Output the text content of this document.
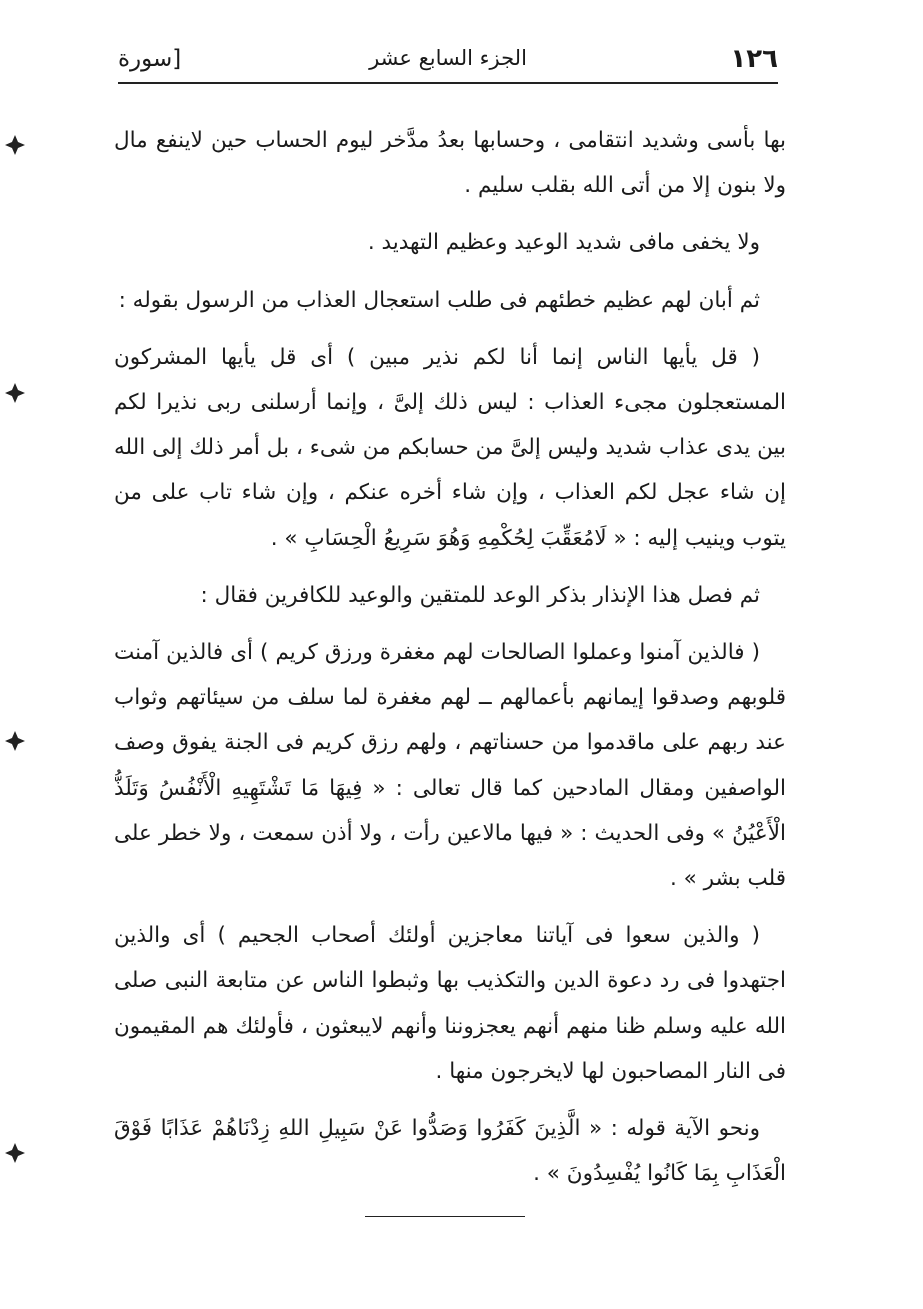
١٢٦
الجزء السابع عشر
[سورة

بها بأسى وشديد انتقامى ، وحسابها بعدُ مدَّخر ليوم الحساب حين لاينفع مال ولا بنون إلا من أتى الله بقلب سليم .

ولا يخفى مافى شديد الوعيد وعظيم التهديد .

ثم أبان لهم عظيم خطئهم فى طلب استعجال العذاب من الرسول بقوله :

( قل يأيها الناس إنما أنا لكم نذير مبين ) أى قل يأيها المشركون المستعجلون مجىء العذاب : ليس ذلك إلىَّ ، وإنما أرسلنى ربى نذيرا لكم بين يدى عذاب شديد وليس إلىَّ من حسابكم من شىء ، بل أمر ذلك إلى الله إن شاء عجل لكم العذاب ، وإن شاء أخره عنكم ، وإن شاء تاب على من يتوب وينيب إليه : « لَامُعَقِّبَ لِحُكْمِهِ وَهُوَ سَرِيعُ الْحِسَابِ » .

ثم فصل هذا الإنذار بذكر الوعد للمتقين والوعيد للكافرين فقال :

( فالذين آمنوا وعملوا الصالحات لهم مغفرة ورزق كريم ) أى فالذين آمنت قلوبهم وصدقوا إيمانهم بأعمالهم ــ لهم مغفرة لما سلف من سيئاتهم وثواب عند ربهم على ماقدموا من حسناتهم ، ولهم رزق كريم فى الجنة يفوق وصف الواصفين ومقال المادحين كما قال تعالى : « فِيهَا مَا تَشْتَهِيهِ الْأَنْفُسُ وَتَلَذُّ الْأَعْيُنُ » وفى الحديث : « فيها مالاعين رأت ، ولا أذن سمعت ، ولا خطر على قلب بشر » .

( والذين سعوا فى آياتنا معاجزين أولئك أصحاب الجحيم ) أى والذين اجتهدوا فى رد دعوة الدين والتكذيب بها وثبطوا الناس عن متابعة النبى صلى الله عليه وسلم ظنا منهم أنهم يعجزوننا وأنهم لايبعثون ، فأولئك هم المقيمون فى النار المصاحبون لها لايخرجون منها .

ونحو الآية قوله : « الَّذِينَ كَفَرُوا وَصَدُّوا عَنْ سَبِيلِ اللهِ زِدْنَاهُمْ عَذَابًا فَوْقَ الْعَذَابِ بِمَا كَانُوا يُفْسِدُونَ » .
